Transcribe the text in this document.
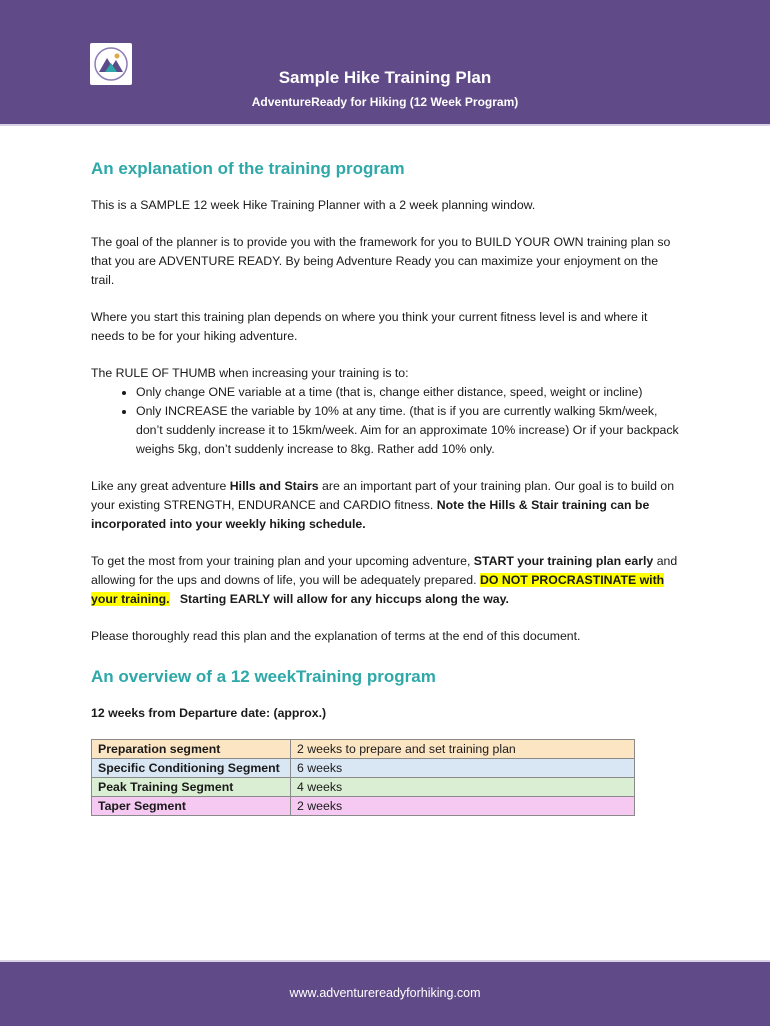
Sample Hike Training Plan
AdventureReady for Hiking (12 Week Program)
An explanation of the training program

This is a SAMPLE 12 week Hike Training Planner with a 2 week planning window.

The goal of the planner is to provide you with the framework for you to BUILD YOUR OWN training plan so that you are ADVENTURE READY. By being Adventure Ready you can maximize your enjoyment on the trail.

Where you start this training plan depends on where you think your current fitness level is and where it needs to be for your hiking adventure.

The RULE OF THUMB when increasing your training is to:

• Only change ONE variable at a time (that is, change either distance, speed, weight or incline)
• Only INCREASE the variable by 10% at any time. (that is if you are currently walking 5km/week, don’t suddenly increase it to 15km/week. Aim for an approximate 10% increase) Or if your backpack weighs 5kg, don’t suddenly increase to 8kg. Rather add 10% only.

Like any great adventure Hills and Stairs are an important part of your training plan. Our goal is to build on your existing STRENGTH, ENDURANCE and CARDIO fitness. Note the Hills & Stair training can be incorporated into your weekly hiking schedule.

To get the most from your training plan and your upcoming adventure, START your training plan early and allowing for the ups and downs of life, you will be adequately prepared. DO NOT PROCRASTINATE with your training.   Starting EARLY will allow for any hiccups along the way.

Please thoroughly read this plan and the explanation of terms at the end of this document.

An overview of a 12 weekTraining program

12 weeks from Departure date: (approx.)

Preparation segment	2 weeks to prepare and set training plan
Specific Conditioning Segment	6 weeks
Peak Training Segment	4 weeks
Taper Segment	2 weeks
www.adventurereadyforhiking.com
